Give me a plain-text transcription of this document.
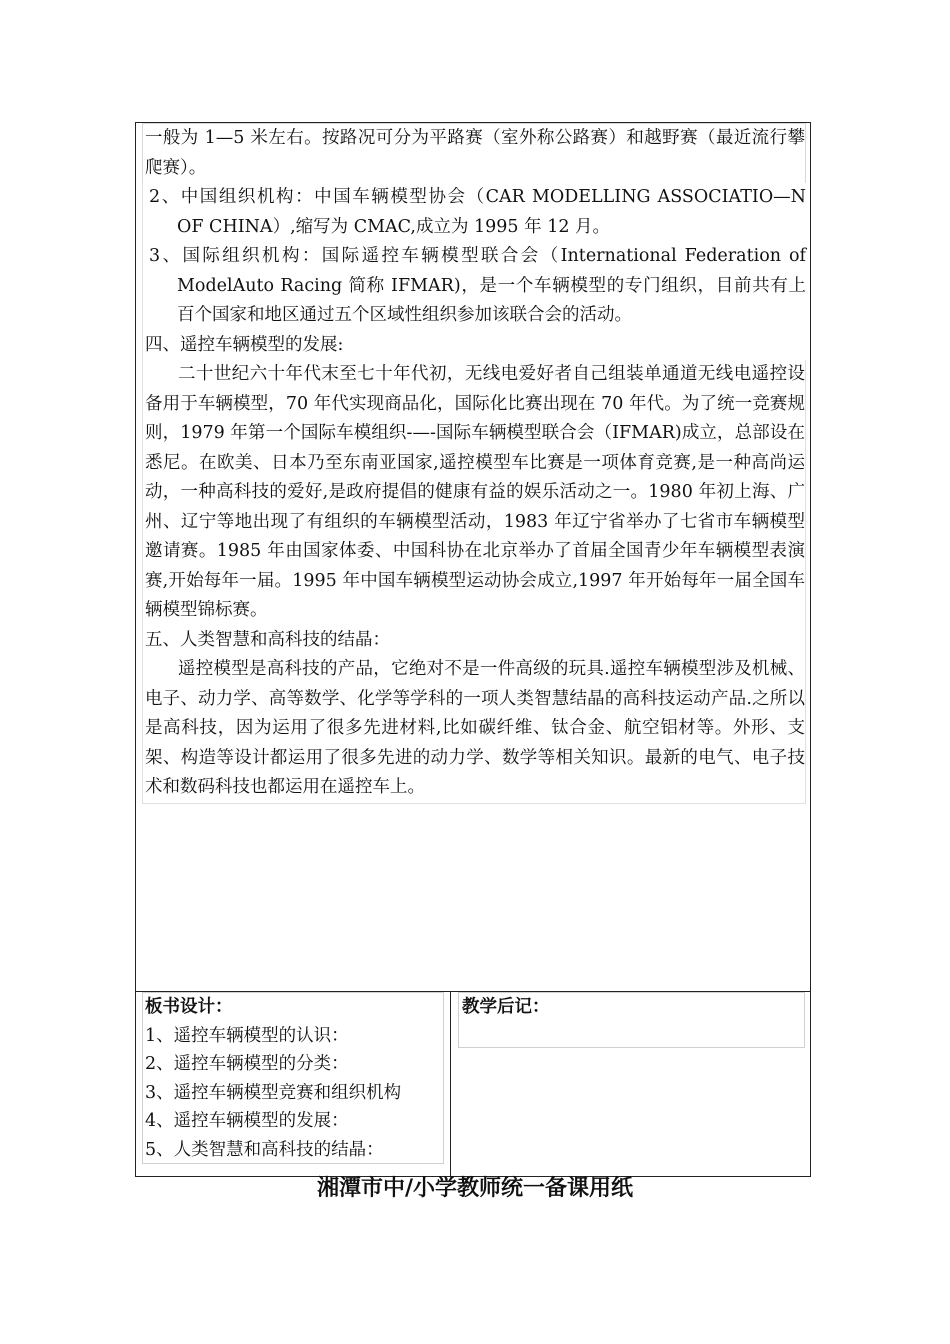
一般为 1—5 米左右。按路况可分为平路赛（室外称公路赛）和越野赛（最近流行攀爬赛）。

2、中国组织机构：中国车辆模型协会（CAR MODELLING ASSOCIATIO—N OF CHINA）,缩写为 CMAC,成立为 1995 年 12 月。

3、国际组织机构：国际遥控车辆模型联合会（International Federation of ModelAuto Racing 简称 IFMAR)，是一个车辆模型的专门组织，目前共有上百个国家和地区通过五个区域性组织参加该联合会的活动。

四、遥控车辆模型的发展:

二十世纪六十年代末至七十年代初，无线电爱好者自己组装单通道无线电遥控设备用于车辆模型，70 年代实现商品化，国际化比赛出现在 70 年代。为了统一竞赛规则，1979 年第一个国际车模组织-—-国际车辆模型联合会（IFMAR)成立，总部设在悉尼。在欧美、日本乃至东南亚国家,遥控模型车比赛是一项体育竞赛,是一种高尚运动，一种高科技的爱好,是政府提倡的健康有益的娱乐活动之一。1980 年初上海、广州、辽宁等地出现了有组织的车辆模型活动，1983 年辽宁省举办了七省市车辆模型邀请赛。1985 年由国家体委、中国科协在北京举办了首届全国青少年车辆模型表演赛,开始每年一届。1995 年中国车辆模型运动协会成立,1997 年开始每年一届全国车辆模型锦标赛。

五、人类智慧和高科技的结晶：

遥控模型是高科技的产品，它绝对不是一件高级的玩具.遥控车辆模型涉及机械、电子、动力学、高等数学、化学等学科的一项人类智慧结晶的高科技运动产品.之所以是高科技，因为运用了很多先进材料,比如碳纤维、钛合金、航空铝材等。外形、支架、构造等设计都运用了很多先进的动力学、数学等相关知识。最新的电气、电子技术和数码科技也都运用在遥控车上。

板书设计：
1、遥控车辆模型的认识：
2、遥控车辆模型的分类：
3、遥控车辆模型竞赛和组织机构
4、遥控车辆模型的发展：
5、人类智慧和高科技的结晶：
教学后记：
湘潭市中/小学教师统一备课用纸
